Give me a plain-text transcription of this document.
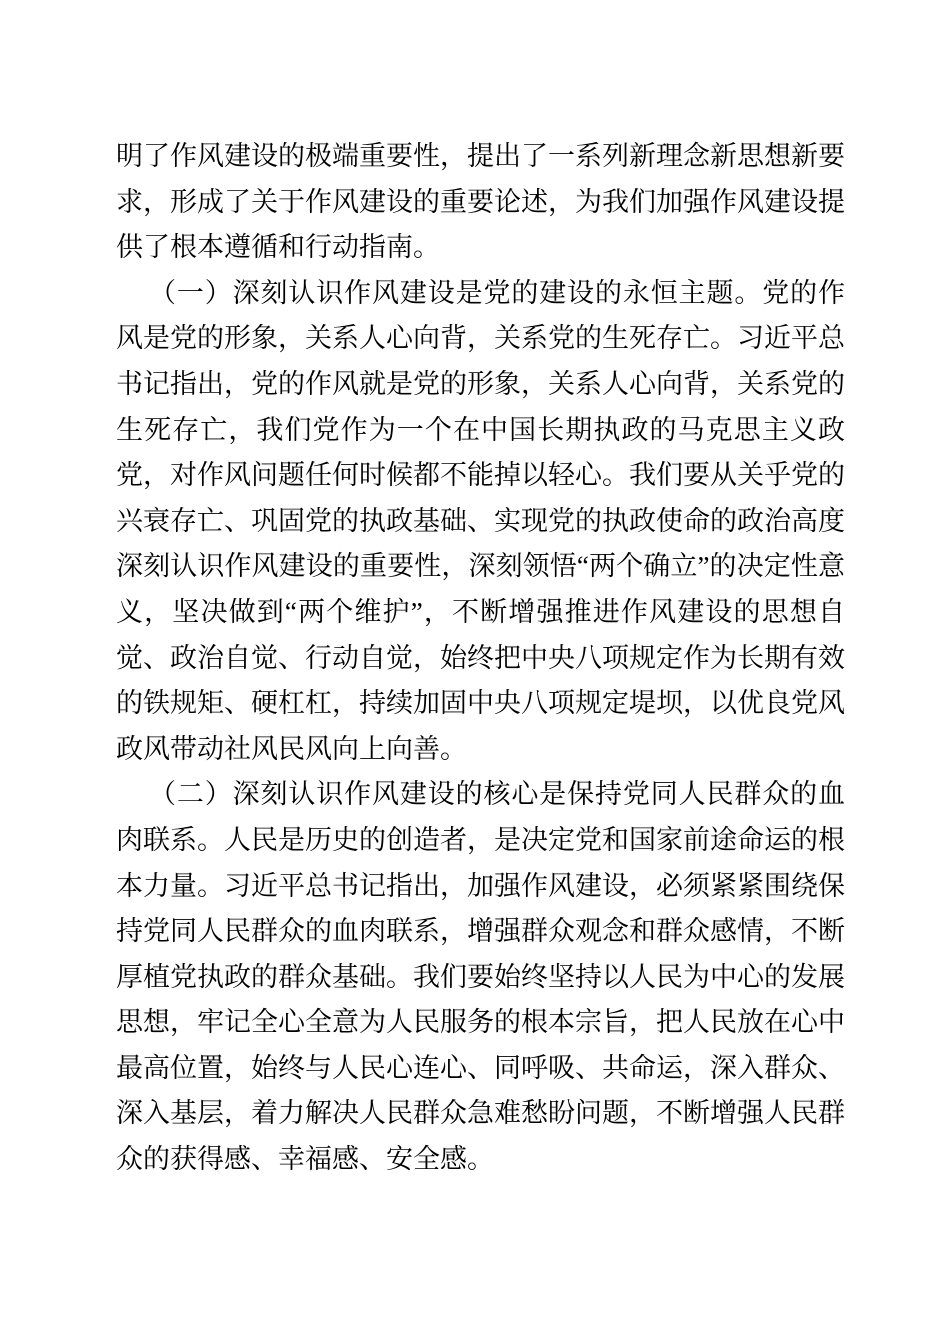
明了作风建设的极端重要性，提出了一系列新理念新思想新要求，形成了关于作风建设的重要论述，为我们加强作风建设提供了根本遵循和行动指南。

（一）深刻认识作风建设是党的建设的永恒主题。党的作风是党的形象，关系人心向背，关系党的生死存亡。习近平总书记指出，党的作风就是党的形象，关系人心向背，关系党的生死存亡，我们党作为一个在中国长期执政的马克思主义政党，对作风问题任何时候都不能掉以轻心。我们要从关乎党的兴衰存亡、巩固党的执政基础、实现党的执政使命的政治高度深刻认识作风建设的重要性，深刻领悟“两个确立”的决定性意义，坚决做到“两个维护”，不断增强推进作风建设的思想自觉、政治自觉、行动自觉，始终把中央八项规定作为长期有效的铁规矩、硬杠杠，持续加固中央八项规定堤坝，以优良党风政风带动社风民风向上向善。

（二）深刻认识作风建设的核心是保持党同人民群众的血肉联系。人民是历史的创造者，是决定党和国家前途命运的根本力量。习近平总书记指出，加强作风建设，必须紧紧围绕保持党同人民群众的血肉联系，增强群众观念和群众感情，不断厚植党执政的群众基础。我们要始终坚持以人民为中心的发展思想，牢记全心全意为人民服务的根本宗旨，把人民放在心中最高位置，始终与人民心连心、同呼吸、共命运，深入群众、深入基层，着力解决人民群众急难愁盼问题，不断增强人民群众的获得感、幸福感、安全感。
